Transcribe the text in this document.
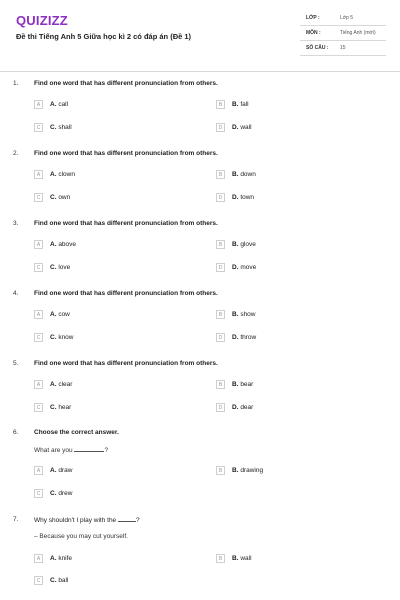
QUIZIZZ
Đề thi Tiếng Anh 5 Giữa học kì 2 có đáp án (Đề 1)
LỚP :	Lớp 5
MÔN :	Tiếng Anh (mới)
SỐ CÂU : 15
1. Find one word that has different pronunciation from others.
A	A. call	B	B. fall
C	C. shall	D	D. wall
2. Find one word that has different pronunciation from others.
A	A. clown	B	B. down
C	C. own	D	D. town
3. Find one word that has different pronunciation from others.
A	A. above	B	B. glove
C	C. love	D	D. move
4. Find one word that has different pronunciation from others.
A	A. cow	B	B. show
C	C. know	D	D. throw
5. Find one word that has different pronunciation from others.
A	A. clear	B	B. bear
C	C. hear	D	D. dear
6. Choose the correct answer.
What are you	?
A	A. draw	B	B. drawing
C	C. drew
7. Why shouldn't I play with the	?
– Because you may cut yourself.
A	A. knife	B	B. wall
C	C. ball
